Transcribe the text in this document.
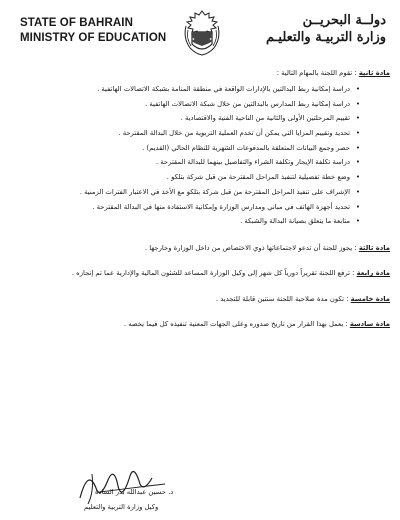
STATE OF BAHRAIN
MINISTRY OF EDUCATION
دولــة البحريــن
وزارة التربيـة والتعليـم
مادة ثانية : تقوم اللجنة بالمهام التالية :
•
دراسة إمكانية ربط البدالتين بالإدارات الواقعة في منطقة المنامة بشبكة الاتصالات الهاتفية .
•
دراسة إمكانية ربط المدارس بالبدالتين من خلال شبكة الاتصالات الهاتفية .
•
تقييم المرحلتين الأولى والثانية من الناحية الفنية والاقتصادية .
•
تحديد وتقييم المزايا التي يمكن أن تخدم العملية التربوية من خلال البدالة المقترحة .
•
حصر وجمع البيانات المتعلقة بالمدفوعات الشهرية للنظام الحالي (القديم) .
•
دراسة تكلفة الإيجار وتكلفة الشراء والتفاصيل بينهما للبدالة المقترحة .
•
وضع خطة تفصيلية لتنفيذ المراحل المقترحة من قبل شركة بتلكو .
•
الإشراف على تنفيذ المراحل المقترحة من قبل شركة بتلكو مع الأخذ في الاعتبار الفترات الزمنية .
•
تحديد أجهزة الهاتف في مباني ومدارس الوزارة وإمكانية الاستفادة منها في البدالة المقترحة .
•
متابعة ما يتعلق بصيانة البدالة والشبكة .
مادة ثالثة : يجوز للجنة أن تدعو لاجتماعاتها ذوي الاختصاص من داخل الوزارة وخارجها .
مادة رابعة : ترفع اللجنة تقريراً دورياً كل شهر إلى وكيل الوزارة المساعد للشئون المالية والإدارية عما تم إنجازه .
مادة خامسة : تكون مدة صلاحية اللجنة سنتين قابلة للتجديد .
مادة سادسة : يعمل بهذا القرار من تاريخ صدوره وعلى الجهات المعنية تنفيذه كل فيما يخصه .
د. حسين عبدالله بدر السادة
وكيل وزارة التربية والتعليم
